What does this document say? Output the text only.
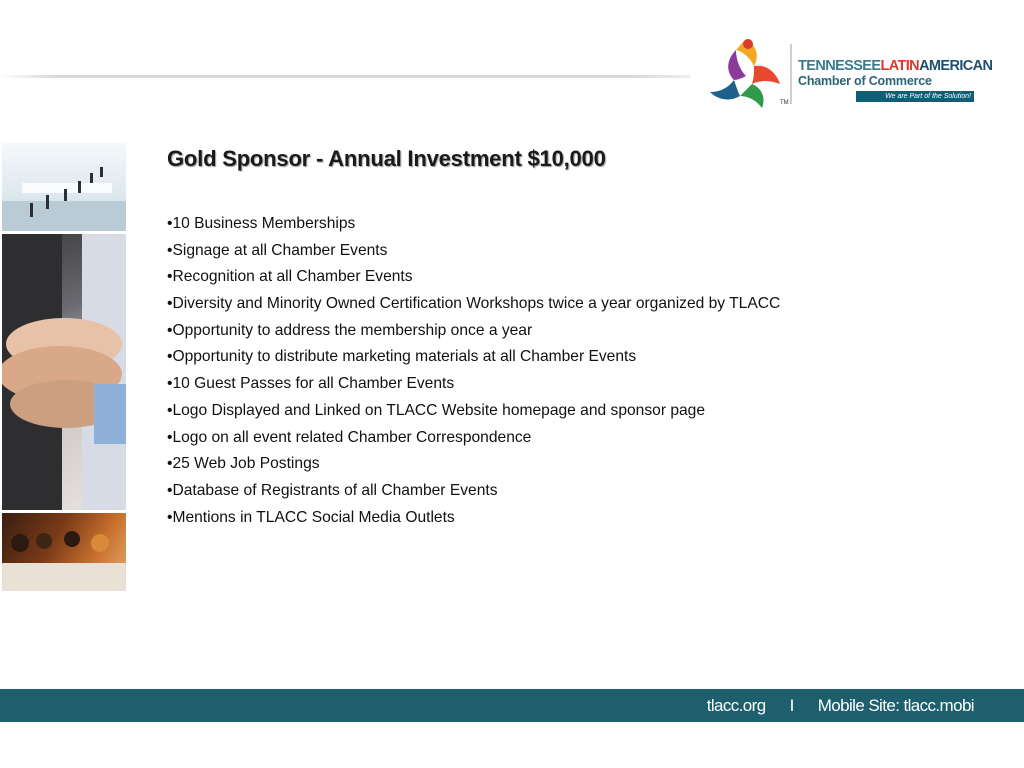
TM
TENNESSEELATINAMERICAN
Chamber of Commerce
We are Part of the Solution!
Gold Sponsor - Annual Investment $10,000
•10 Business Memberships
•Signage at all Chamber Events
•Recognition at all Chamber Events
•Diversity and Minority Owned Certification Workshops twice a year organized by TLACC
•Opportunity to address the membership once a year
•Opportunity to distribute marketing materials at all Chamber Events
•10 Guest Passes for all Chamber Events
•Logo Displayed and Linked on TLACC Website homepage and sponsor page
•Logo on all event related Chamber Correspondence
•25 Web Job Postings
•Database of Registrants of all Chamber Events
•Mentions in TLACC Social Media Outlets
tlacc.org I Mobile Site: tlacc.mobi
